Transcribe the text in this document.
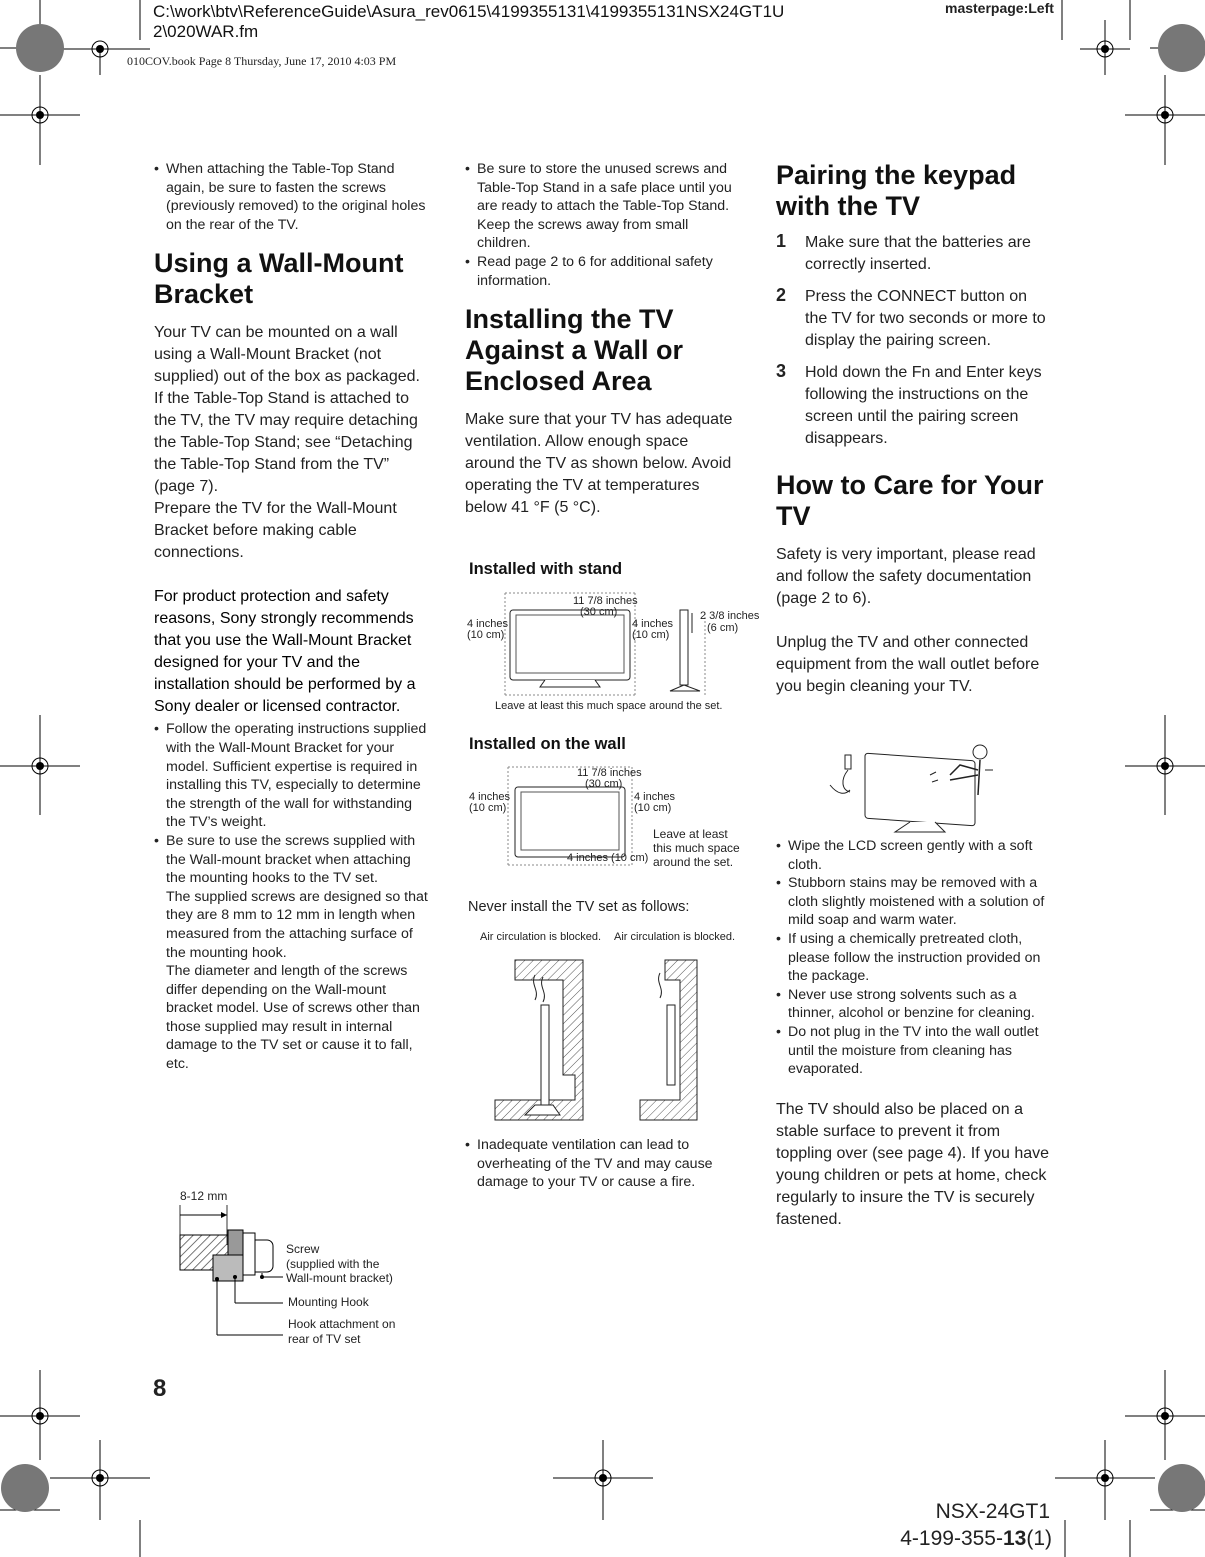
C:\work\btv\ReferenceGuide\Asura_rev0615\4199355131\4199355131NSX24GT1U2\020WAR.fm
masterpage:Left
010COV.book Page 8 Thursday, June 17, 2010 4:03 PM
• When attaching the Table-Top Stand again, be sure to fasten the screws (previously removed) to the original holes on the rear of the TV.
Using a Wall-Mount Bracket

Your TV can be mounted on a wall using a Wall-Mount Bracket (not supplied) out of the box as packaged. If the Table-Top Stand is attached to the TV, the TV may require detaching the Table-Top Stand; see “Detaching the Table-Top Stand from the TV” (page 7).

Prepare the TV for the Wall-Mount Bracket before making cable connections.

For product protection and safety reasons, Sony strongly recommends that you use the Wall-Mount Bracket designed for your TV and the installation should be performed by a Sony dealer or licensed contractor.

• Follow the operating instructions supplied with the Wall-Mount Bracket for your model. Sufficient expertise is required in installing this TV, especially to determine the strength of the wall for withstanding the TV’s weight.
• Be sure to use the screws supplied with the Wall-mount bracket when attaching the mounting hooks to the TV set.
The supplied screws are designed so that they are 8 mm to 12 mm in length when measured from the attaching surface of the mounting hook.
The diameter and length of the screws differ depending on the Wall-mount bracket model. Use of screws other than those supplied may result in internal damage to the TV set or cause it to fall, etc.
8-12 mm
Screw
(supplied with the
Wall-mount bracket)
Mounting Hook
Hook attachment on
rear of TV set
• Be sure to store the unused screws and Table-Top Stand in a safe place until you are ready to attach the Table-Top Stand. Keep the screws away from small children.
• Read page 2 to 6 for additional safety information.
Installing the TV Against a Wall or Enclosed Area

Make sure that your TV has adequate ventilation. Allow enough space around the TV as shown below. Avoid operating the TV at temperatures below 41 °F (5 °C).

Installed with stand
11 7/8 inches
(30 cm)
4 inches
(10 cm)
4 inches
(10 cm)
2 3/8 inches
(6 cm)
Leave at least this much space around the set.
Installed on the wall
11 7/8 inches
(30 cm)
4 inches
(10 cm)
4 inches
(10 cm)
4 inches (10 cm)
Leave at least
this much space
around the set.
Never install the TV set as follows:
Air circulation is blocked. Air circulation is blocked.
• Inadequate ventilation can lead to overheating of the TV and may cause damage to your TV or cause a fire.
Pairing the keypad with the TV
1 Make sure that the batteries are correctly inserted.
2 Press the CONNECT button on the TV for two seconds or more to display the pairing screen.
3 Hold down the Fn and Enter keys following the instructions on the screen until the pairing screen disappears.
How to Care for Your TV

Safety is very important, please read and follow the safety documentation (page 2 to 6).

Unplug the TV and other connected equipment from the wall outlet before you begin cleaning your TV.

• Wipe the LCD screen gently with a soft cloth.
• Stubborn stains may be removed with a cloth slightly moistened with a solution of mild soap and warm water.
• If using a chemically pretreated cloth, please follow the instruction provided on the package.
• Never use strong solvents such as a thinner, alcohol or benzine for cleaning.
• Do not plug in the TV into the wall outlet until the moisture from cleaning has evaporated.

The TV should also be placed on a stable surface to prevent it from toppling over (see page 4). If you have young children or pets at home, check regularly to insure the TV is securely fastened.

8
NSX-24GT1
4-199-355-13(1)
